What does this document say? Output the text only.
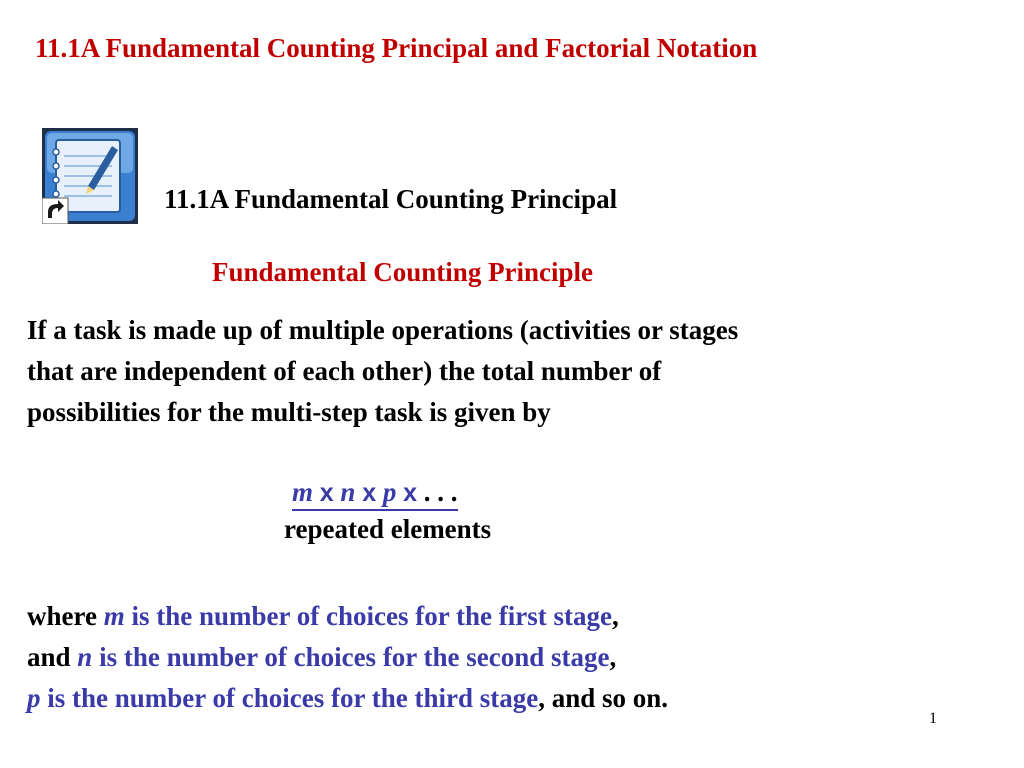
11.1A Fundamental Counting Principal and Factorial Notation
11.1A Fundamental Counting Principal
Fundamental Counting Principle
If a task is made up of multiple operations (activities or stages
that are independent of each other) the total number of
possibilities for the multi-step task is given by
m x n x p x . . .
repeated elements
where m is the number of choices for the first stage,
and n is the number of choices for the second stage,
p is the number of choices for the third stage, and so on.
1
